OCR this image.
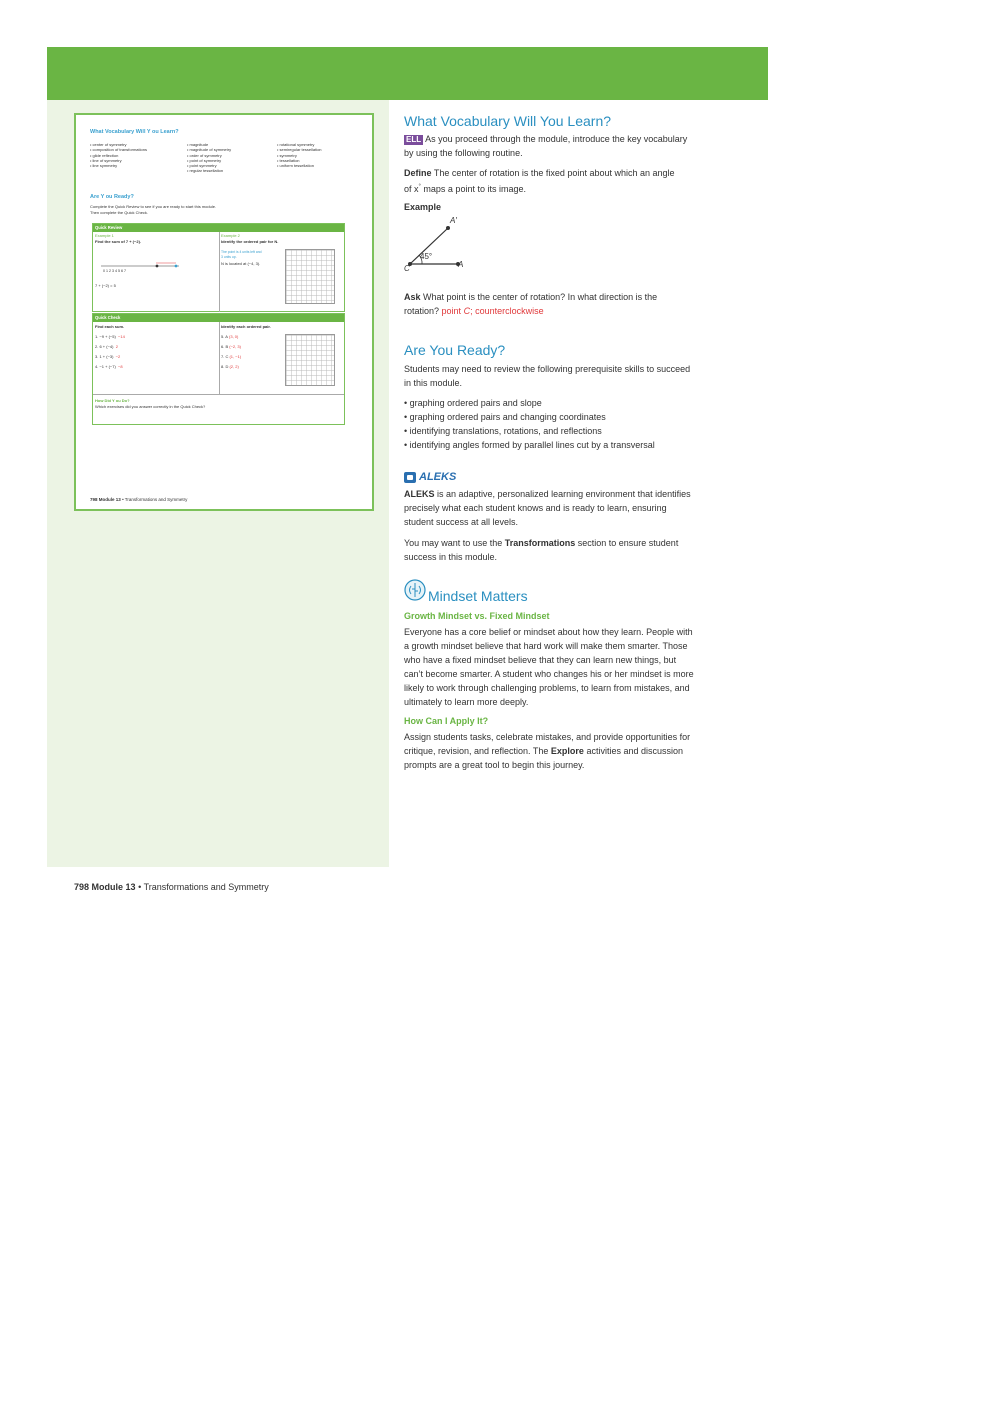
What Vocabulary Will Y ou Learn?
• center of symmetry
• composition of transformations
• glide reflection
• line of symmetry
• line symmetry
• magnitude
• magnitude of symmetry
• order of symmetry
• point of symmetry
• point symmetry
• regular tessellation
• rotational symmetry
• semiregular tessellation
• symmetry
• tessellation
• uniform tessellation
Are Y ou Ready?
Complete the Quick Review to see if you are ready to start this module.
Then complete the Quick Check.
Quick Review
Example 1
Find the sum of 7 + (−2).
0 1 2 3 4 5 6 7
7 + (−2) = 5
Example 2
Identify the ordered pair for N.
The point is 4 units left and
3 units up.
N is located at (−4, 3).
Quick Check
Find each sum.
1. −9 + (−5) −14
2. 6 + (−4) 2
3. 1 + (−3) −2
4. −1 + (−7) −8
Identify each ordered pair.
5. A (3, 0)
6. B (−2, 3)
7. C (1, −1)
8. D (2, 2)
How Did Y ou Do?
Which exercises did you answer correctly in the Quick Check?
798 Module 13 • Transformations and Symmetry
What Vocabulary Will You Learn?
ELL As you proceed through the module, introduce the key vocabulary
by using the following routine.
Define The center of rotation is the fixed point about which an angle
of x° maps a point to its image.
Example
A′
45°
A
C
Ask What point is the center of rotation? In what direction is the
rotation? point C; counterclockwise
Are You Ready?
Students may need to review the following prerequisite skills to succeed
in this module.
• graphing ordered pairs and slope
• graphing ordered pairs and changing coordinates
• identifying translations, rotations, and reflections
• identifying angles formed by parallel lines cut by a transversal
ALEKS
ALEKS is an adaptive, personalized learning environment that identifies
precisely what each student knows and is ready to learn, ensuring
student success at all levels.
You may want to use the Transformations section to ensure student
success in this module.
Mindset Matters
Growth Mindset vs. Fixed Mindset
Everyone has a core belief or mindset about how they learn. People with
a growth mindset believe that hard work will make them smarter. Those
who have a fixed mindset believe that they can learn new things, but
can’t become smarter. A student who changes his or her mindset is more
likely to work through challenging problems, to learn from mistakes, and
ultimately to learn more deeply.
How Can I Apply It?
Assign students tasks, celebrate mistakes, and provide opportunities for
critique, revision, and reflection. The Explore activities and discussion
prompts are a great tool to begin this journey.
798 Module 13 • Transformations and Symmetry
